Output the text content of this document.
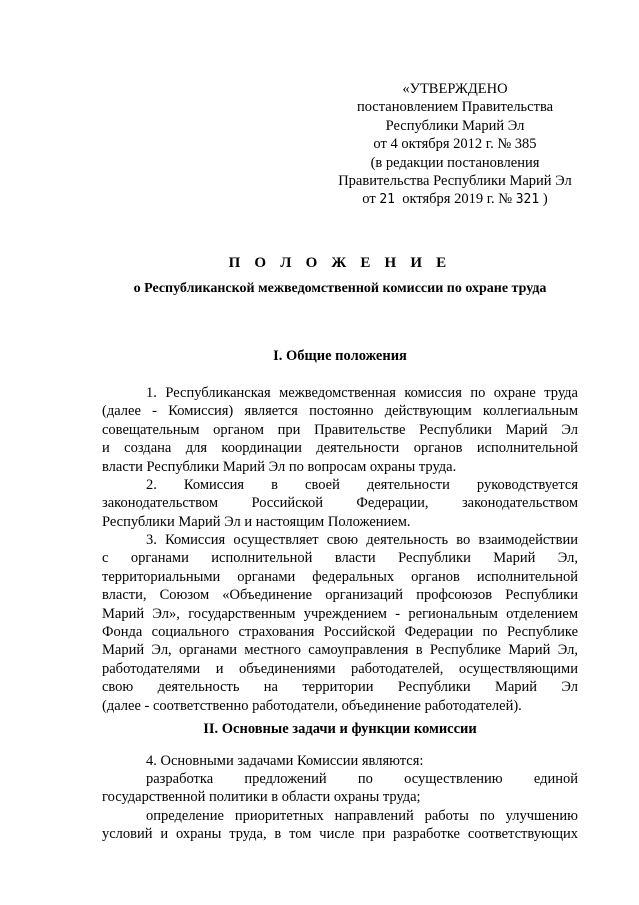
«УТВЕРЖДЕНО
постановлением Правительства
Республики Марий Эл
от 4 октября 2012 г. № 385
(в редакции постановления
Правительства Республики Марий Эл
от 21 октября 2019 г. № 321 )
П О Л О Ж Е Н И Е
о Республиканской межведомственной комиссии по охране труда
I. Общие положения
1. Республиканская межведомственная комиссия по охране труда
(далее - Комиссия) является постоянно действующим коллегиальным
совещательным органом при Правительстве Республики Марий Эл
и создана для координации деятельности органов исполнительной
власти Республики Марий Эл по вопросам охраны труда.
2. Комиссия в своей деятельности руководствуется
законодательством Российской Федерации, законодательством
Республики Марий Эл и настоящим Положением.
3. Комиссия осуществляет свою деятельность во взаимодействии
с органами исполнительной власти Республики Марий Эл,
территориальными органами федеральных органов исполнительной
власти, Союзом «Объединение организаций профсоюзов Республики
Марий Эл», государственным учреждением - региональным отделением
Фонда социального страхования Российской Федерации по Республике
Марий Эл, органами местного самоуправления в Республике Марий Эл,
работодателями и объединениями работодателей, осуществляющими
свою деятельность на территории Республики Марий Эл
(далее - соответственно работодатели, объединение работодателей).
II. Основные задачи и функции комиссии
4. Основными задачами Комиссии являются:
разработка предложений по осуществлению единой
государственной политики в области охраны труда;
определение приоритетных направлений работы по улучшению
условий и охраны труда, в том числе при разработке соответствующих
